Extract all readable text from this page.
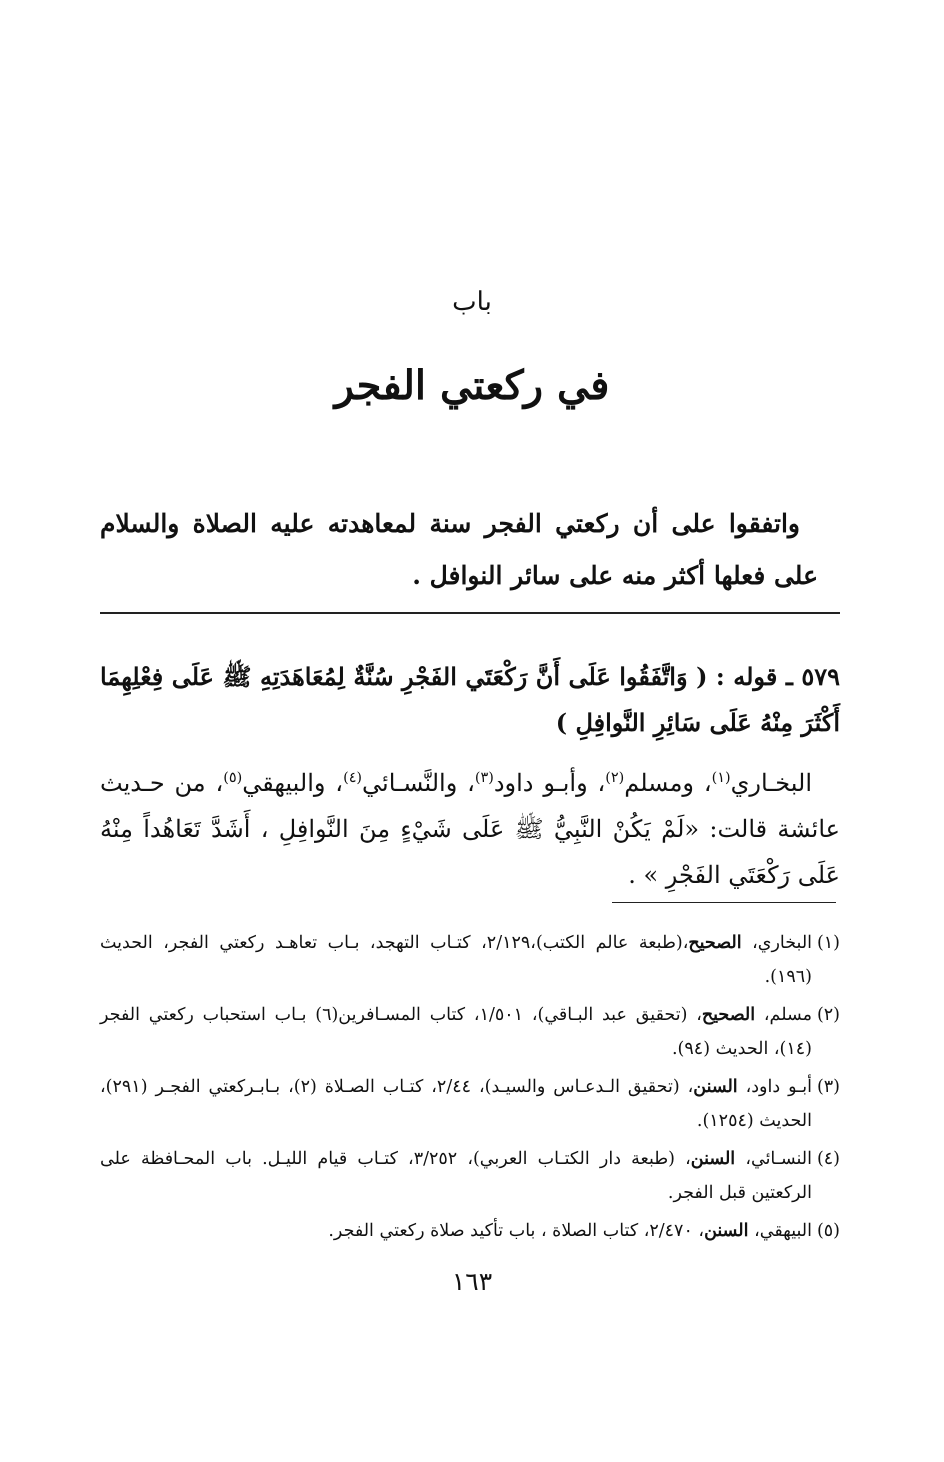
باب
في ركعتي الفجر

واتفقوا على أن ركعتي الفجر سنة لمعاهدته عليه الصلاة والسلام على فعلها أكثر منه على سائر النوافل .

٥٧٩ ـ قوله : ( وَاتَّفَقُوا عَلَى أَنَّ رَكْعَتَي الفَجْرِ سُنَّةٌ لِمُعَاهَدَتِهِ ﷺ عَلَى فِعْلِهِمَا أَكْثَرَ مِنْهُ عَلَى سَائِرِ النَّوافِلِ )

البخـاري$^{(١)}$، ومسلم$^{(٢)}$، وأبـو داود$^{(٣)}$، والنَّسـائي$^{(٤)}$، والبيهقي$^{(٥)}$، من حـديث عائشة قالت: «لَمْ يَكُنْ النَّبِيُّ ﷺ عَلَى شَيْءٍ مِنَ النَّوافِلِ ، أَشَدَّ تَعَاهُداً مِنْهُ عَلَى رَكْعَتَي الفَجْرِ » .

(١)
البخاري، الصحيح،(طبعة عالم الكتب)،٢/١٢٩، كتـاب التهجد، بـاب تعاهـد ركعتي الفجر، الحديث (١٩٦).
(٢)
مسلم، الصحيح، (تحقيق عبد البـاقي)، ١/٥٠١، كتاب المسـافرين(٦) بـاب استحباب ركعتي الفجر (١٤)، الحديث (٩٤).
(٣)
أبـو داود، السنن، (تحقيق الـدعـاس والسيـد)، ٢/٤٤، كتـاب الصـلاة (٢)، بـابـركعتي الفجـر (٢٩١)، الحديث (١٢٥٤).
(٤)
النسـائي، السنن، (طبعة دار الكتـاب العربي)، ٣/٢٥٢، كتـاب قيام الليـل. باب المحـافظة على الركعتين قبل الفجر.
(٥)
البيهقي، السنن، ٢/٤٧٠، كتاب الصلاة ، باب تأكيد صلاة ركعتي الفجر.
١٦٣
